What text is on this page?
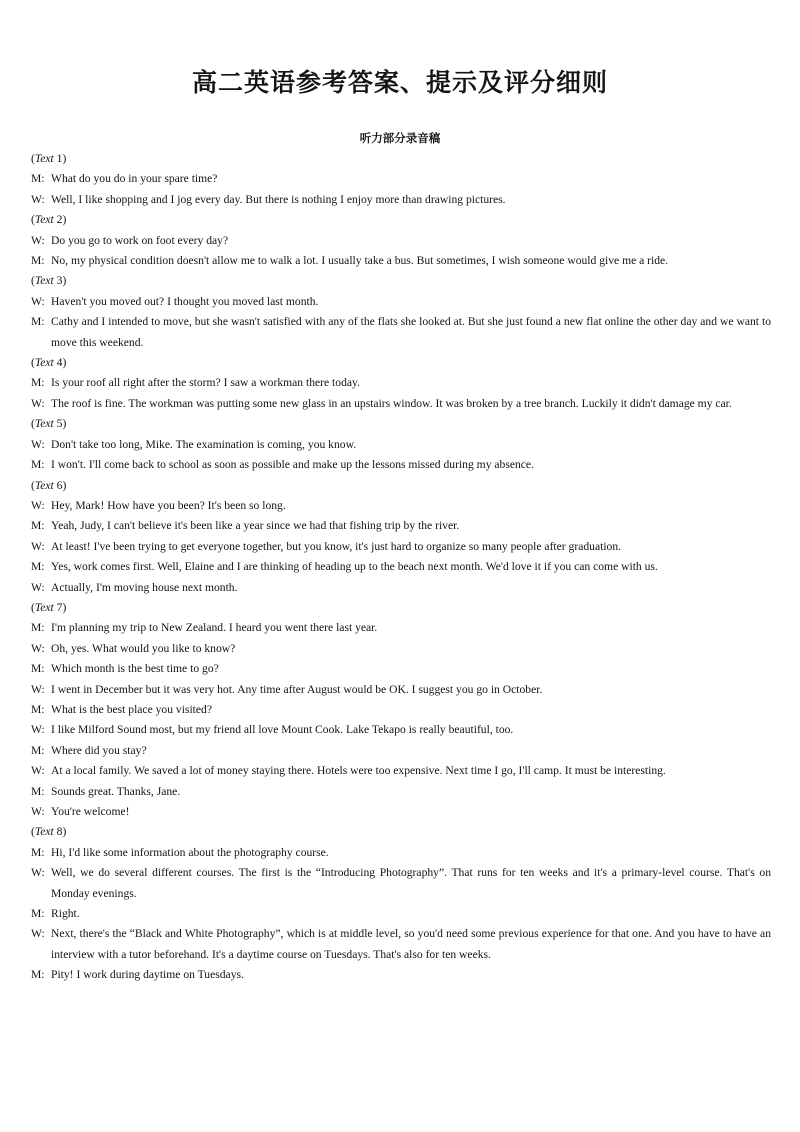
高二英语参考答案、提示及评分细则
听力部分录音稿
(Text 1)
M: What do you do in your spare time?
W: Well, I like shopping and I jog every day. But there is nothing I enjoy more than drawing pictures.
(Text 2)
W: Do you go to work on foot every day?
M: No, my physical condition doesn't allow me to walk a lot. I usually take a bus. But sometimes, I wish someone would give me a ride.
(Text 3)
W: Haven't you moved out? I thought you moved last month.
M: Cathy and I intended to move, but she wasn't satisfied with any of the flats she looked at. But she just found a new flat online the other day and we want to move this weekend.
(Text 4)
M: Is your roof all right after the storm? I saw a workman there today.
W: The roof is fine. The workman was putting some new glass in an upstairs window. It was broken by a tree branch. Luckily it didn't damage my car.
(Text 5)
W: Don't take too long, Mike. The examination is coming, you know.
M: I won't. I'll come back to school as soon as possible and make up the lessons missed during my absence.
(Text 6)
W: Hey, Mark! How have you been? It's been so long.
M: Yeah, Judy, I can't believe it's been like a year since we had that fishing trip by the river.
W: At least! I've been trying to get everyone together, but you know, it's just hard to organize so many people after graduation.
M: Yes, work comes first. Well, Elaine and I are thinking of heading up to the beach next month. We'd love it if you can come with us.
W: Actually, I'm moving house next month.
(Text 7)
M: I'm planning my trip to New Zealand. I heard you went there last year.
W: Oh, yes. What would you like to know?
M: Which month is the best time to go?
W: I went in December but it was very hot. Any time after August would be OK. I suggest you go in October.
M: What is the best place you visited?
W: I like Milford Sound most, but my friend all love Mount Cook. Lake Tekapo is really beautiful, too.
M: Where did you stay?
W: At a local family. We saved a lot of money staying there. Hotels were too expensive. Next time I go, I'll camp. It must be interesting.
M: Sounds great. Thanks, Jane.
W: You're welcome!
(Text 8)
M: Hi, I'd like some information about the photography course.
W: Well, we do several different courses. The first is the “Introducing Photography”. That runs for ten weeks and it's a primary-level course. That's on Monday evenings.
M: Right.
W: Next, there's the “Black and White Photography”, which is at middle level, so you'd need some previous experience for that one. And you have to have an interview with a tutor beforehand. It's a daytime course on Tuesdays. That's also for ten weeks.
M: Pity! I work during daytime on Tuesdays.
